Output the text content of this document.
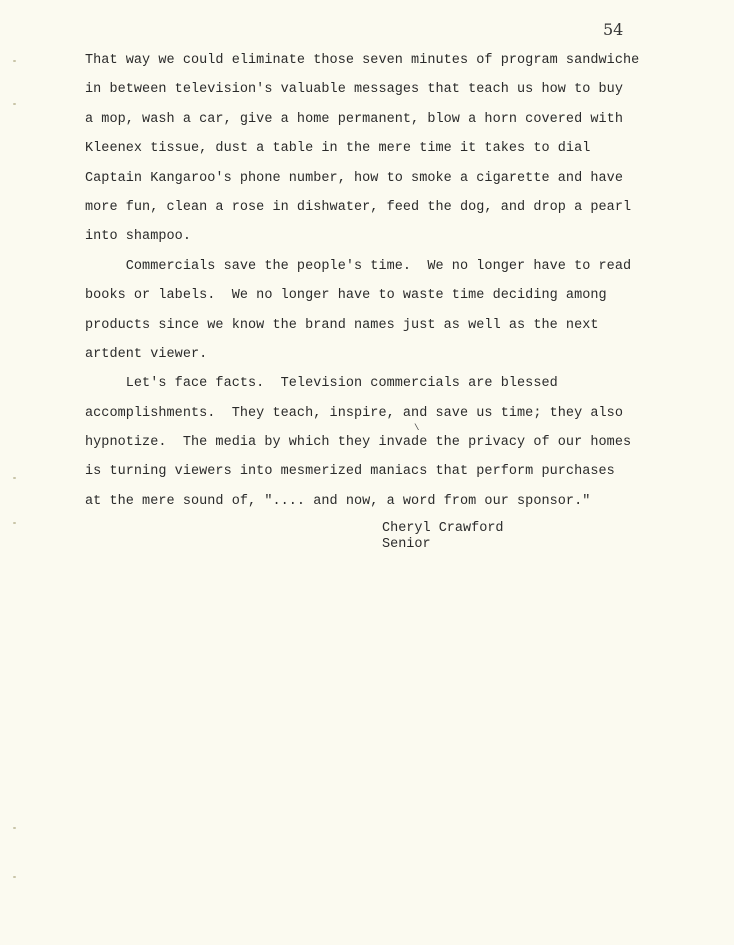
54
That way we could eliminate those seven minutes of program sandwiche
in between television's valuable messages that teach us how to buy
a mop, wash a car, give a home permanent, blow a horn covered with
Kleenex tissue, dust a table in the mere time it takes to dial
Captain Kangaroo's phone number, how to smoke a cigarette and have
more fun, clean a rose in dishwater, feed the dog, and drop a pearl
into shampoo.
Commercials save the people's time.  We no longer have to read
books or labels.  We no longer have to waste time deciding among
products since we know the brand names just as well as the next
artdent viewer.
Let's face facts.  Television commercials are blessed
accomplishments.  They teach, inspire, and save us time; they also
hypnotize.  The media by which they invade the privacy of our homes
is turning viewers into mesmerized maniacs that perform purchases
at the mere sound of, ".... and now, a word from our sponsor."
\
Cheryl Crawford
Senior
